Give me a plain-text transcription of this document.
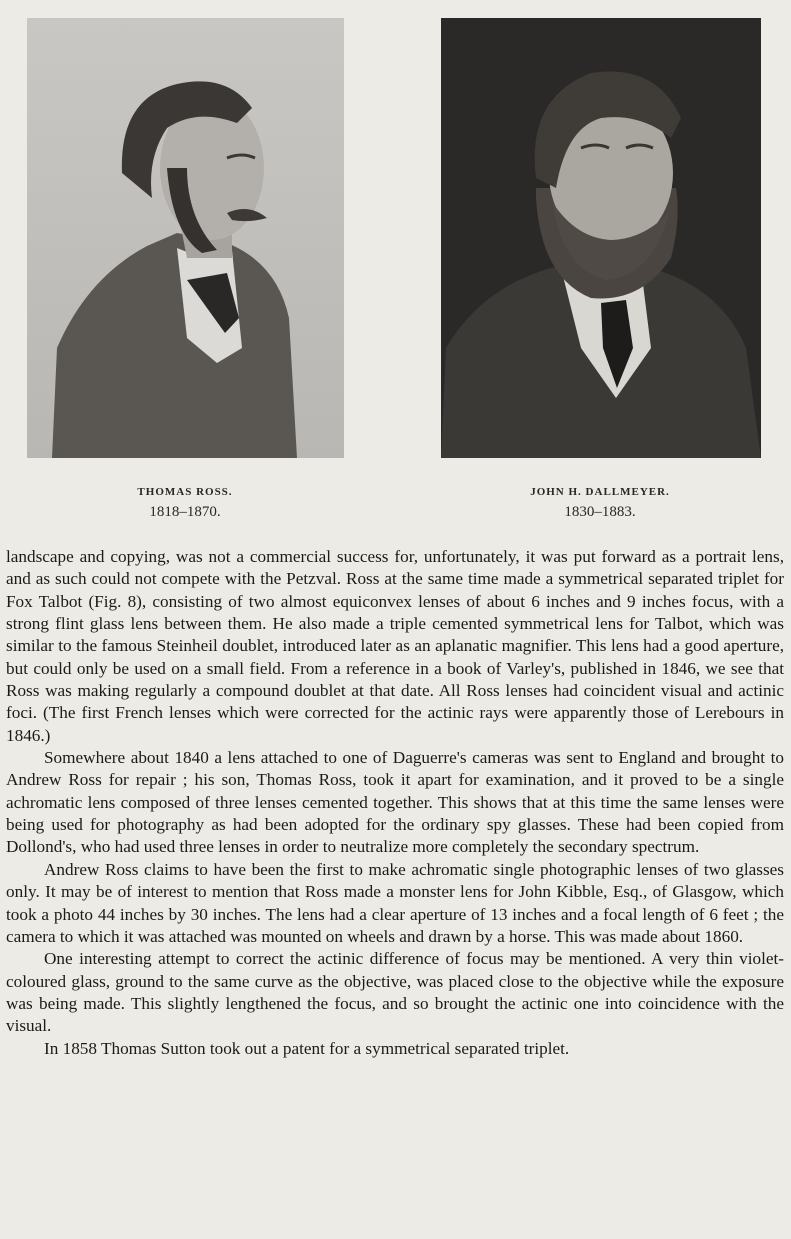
THOMAS ROSS.
1818–1870.
JOHN H. DALLMEYER.
1830–1883.

landscape and copying, was not a commercial success for, unfortunately, it was put forward as a portrait lens, and as such could not compete with the Petzval. Ross at the same time made a symmetrical separated triplet for Fox Talbot (Fig. 8), consisting of two almost equiconvex lenses of about 6 inches and 9 inches focus, with a strong flint glass lens between them. He also made a triple cemented symmetrical lens for Talbot, which was similar to the famous Steinheil doublet, introduced later as an aplanatic magnifier. This lens had a good aperture, but could only be used on a small field. From a reference in a book of Varley's, published in 1846, we see that Ross was making regularly a compound doublet at that date. All Ross lenses had coincident visual and actinic foci. (The first French lenses which were corrected for the actinic rays were apparently those of Lerebours in 1846.)

Somewhere about 1840 a lens attached to one of Daguerre's cameras was sent to England and brought to Andrew Ross for repair ; his son, Thomas Ross, took it apart for examination, and it proved to be a single achromatic lens composed of three lenses cemented together. This shows that at this time the same lenses were being used for photography as had been adopted for the ordinary spy glasses. These had been copied from Dollond's, who had used three lenses in order to neutralize more completely the secondary spectrum.

Andrew Ross claims to have been the first to make achromatic single photographic lenses of two glasses only. It may be of interest to mention that Ross made a monster lens for John Kibble, Esq., of Glasgow, which took a photo 44 inches by 30 inches. The lens had a clear aperture of 13 inches and a focal length of 6 feet ; the camera to which it was attached was mounted on wheels and drawn by a horse. This was made about 1860.

One interesting attempt to correct the actinic difference of focus may be mentioned. A very thin violet-coloured glass, ground to the same curve as the objective, was placed close to the objective while the exposure was being made. This slightly lengthened the focus, and so brought the actinic one into coincidence with the visual.

In 1858 Thomas Sutton took out a patent for a symmetrical separated triplet.
